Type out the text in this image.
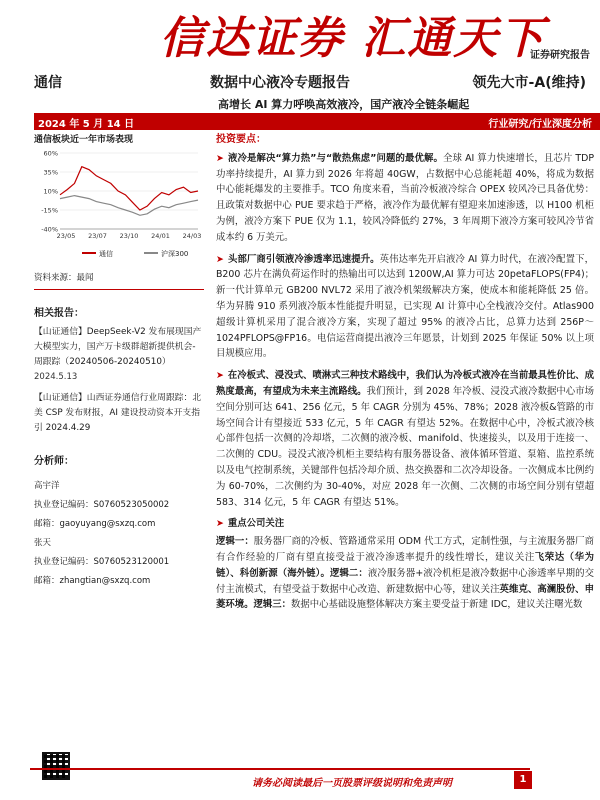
信达证券 汇通天下
证券研究报告
通信	数据中心液冷专题报告	领先大市-A(维持)
高增长 AI 算力呼唤高效液冷，国产液冷全链条崛起
2024 年 5 月 14 日	行业研究/行业深度分析
通信板块近一年市场表现
60%
35%
10%
-15%
-40%
23/05 23/07 23/10 24/01 24/03
通信	沪深300
资料来源：最闻
相关报告：
【山证通信】DeepSeek-V2 发布展现国产大模型实力，国产万卡级群超新提供机会-周跟踪（20240506-20240510）
2024.5.13
【山证通信】山西证券通信行业周跟踪：北美 CSP 发布财报，AI 建设投动资本开支指引 2024.4.29
分析师：
高宇洋
执业登记编码：S0760523050002
邮箱：gaoyuyang@sxzq.com
张天
执业登记编码：S0760523120001
邮箱：zhangtian@sxzq.com
投资要点：
➤ 液冷是解决“算力热”与“散热焦虑”问题的最优解。全球 AI 算力快速增长，且芯片 TDP 功率持续提升，AI 算力到 2026 年将超 40GW，占数据中心总能耗超 40%，将成为数据中心能耗爆发的主要推手。TCO 角度来看，当前冷板液冷综合 OPEX 较风冷已具备优势：且政策对数据中心 PUE 要求趋于严格，液冷作为最优解有望迎来加速渗透，以 H100 机柜为例，液冷方案下 PUE 仅为 1.1，较风冷降低约 27%，3 年周期下液冷方案可较风冷节省成本约 6 万美元。
➤ 头部厂商引领液冷渗透率迅速提升。英伟达率先开启液冷 AI 算力时代，在液冷配置下，B200 芯片在满负荷运作时的热输出可以达到 1200W,AI 算力可达 20petaFLOPS(FP4)；新一代计算单元 GB200 NVL72 采用了液冷机架级解决方案，使成本和能耗降低 25 倍。华为昇腾 910 系列液冷版本性能提升明显，已实现 AI 计算中心全栈液冷交付。Atlas900 超级计算机采用了混合液冷方案，实现了超过 95% 的液冷占比，总算力达到 256P～1024PFLOPS@FP16。电信运营商提出液冷三年愿景，计划到 2025 年保证 50% 以上项目规模应用。
➤ 在冷板式、浸没式、喷淋式三种技术路线中，我们认为冷板式液冷在当前最具性价比、成熟度最高，有望成为未来主流路线。我们预计，到 2028 年冷板、浸没式液冷数据中心市场空间分别可达 641、256 亿元，5 年 CAGR 分别为 45%、78%；2028 液冷板&管路的市场空间合计有望接近 533 亿元，5 年 CAGR 有望达 52%。在数据中心中，冷板式液冷核心部件包括一次侧的冷却塔，二次侧的液冷板、manifold、快速接头，以及用于连接一、二次侧的 CDU。浸没式液冷机柜主要结构有服务器设备、液体循环管道、泵箱、监控系统以及电气控制系统，关键部件包括冷却介质、热交换器和二次冷却设备。一次侧成本比例约为 60-70%，二次侧约为 30-40%，对应 2028 年一次侧、二次侧的市场空间分别有望超 583、314 亿元，5 年 CAGR 有望达 51%。
➤ 重点公司关注
逻辑一：服务器厂商的冷板、管路通常采用 ODM 代工方式，定制性强，与主流服务器厂商有合作经验的厂商有望直接受益于液冷渗透率提升的线性增长，建议关注飞荣达（华为链）、科创新源（海外链）。逻辑二：液冷服务器+液冷机柜是液冷数据中心渗透率早期的交付主流模式，有望受益于数据中心改造、新建数据中心等，建议关注英维克、高澜股份、申菱环境。逻辑三：数据中心基础设施整体解决方案主要受益于新建 IDC，建议关注曙光数
请务必阅读最后一页股票评级说明和免责声明	1
